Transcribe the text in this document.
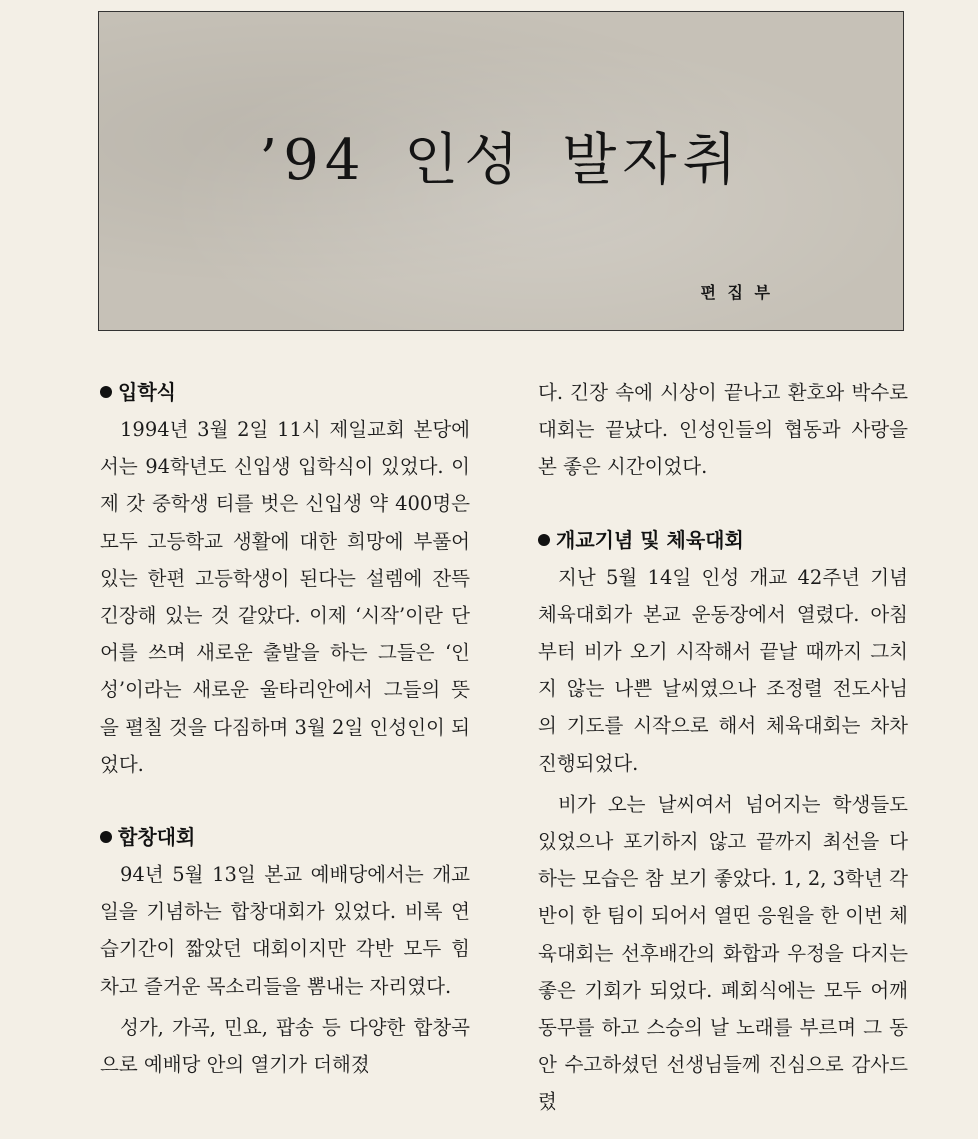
’94 인성 발자취
편 집 부
입학식

1994년 3월 2일 11시 제일교회 본당에서는 94학년도 신입생 입학식이 있었다. 이제 갓 중학생 티를 벗은 신입생 약 400명은 모두 고등학교 생활에 대한 희망에 부풀어 있는 한편 고등학생이 된다는 설렘에 잔뜩 긴장해 있는 것 같았다. 이제 ‘시작’이란 단어를 쓰며 새로운 출발을 하는 그들은 ‘인성’이라는 새로운 울타리안에서 그들의 뜻을 펼칠 것을 다짐하며 3월 2일 인성인이 되었다.

합창대회

94년 5월 13일 본교 예배당에서는 개교일을 기념하는 합창대회가 있었다. 비록 연습기간이 짧았던 대회이지만 각반 모두 힘차고 즐거운 목소리들을 뽐내는 자리였다.

성가, 가곡, 민요, 팝송 등 다양한 합창곡으로 예배당 안의 열기가 더해졌

다. 긴장 속에 시상이 끝나고 환호와 박수로 대회는 끝났다. 인성인들의 협동과 사랑을 본 좋은 시간이었다.

개교기념 및 체육대회

지난 5월 14일 인성 개교 42주년 기념 체육대회가 본교 운동장에서 열렸다. 아침부터 비가 오기 시작해서 끝날 때까지 그치지 않는 나쁜 날씨였으나 조정렬 전도사님의 기도를 시작으로 해서 체육대회는 차차 진행되었다.

비가 오는 날씨여서 넘어지는 학생들도 있었으나 포기하지 않고 끝까지 최선을 다하는 모습은 참 보기 좋았다. 1, 2, 3학년 각반이 한 팀이 되어서 열띤 응원을 한 이번 체육대회는 선후배간의 화합과 우정을 다지는 좋은 기회가 되었다. 폐회식에는 모두 어깨동무를 하고 스승의 날 노래를 부르며 그 동안 수고하셨던 선생님들께 진심으로 감사드렸
